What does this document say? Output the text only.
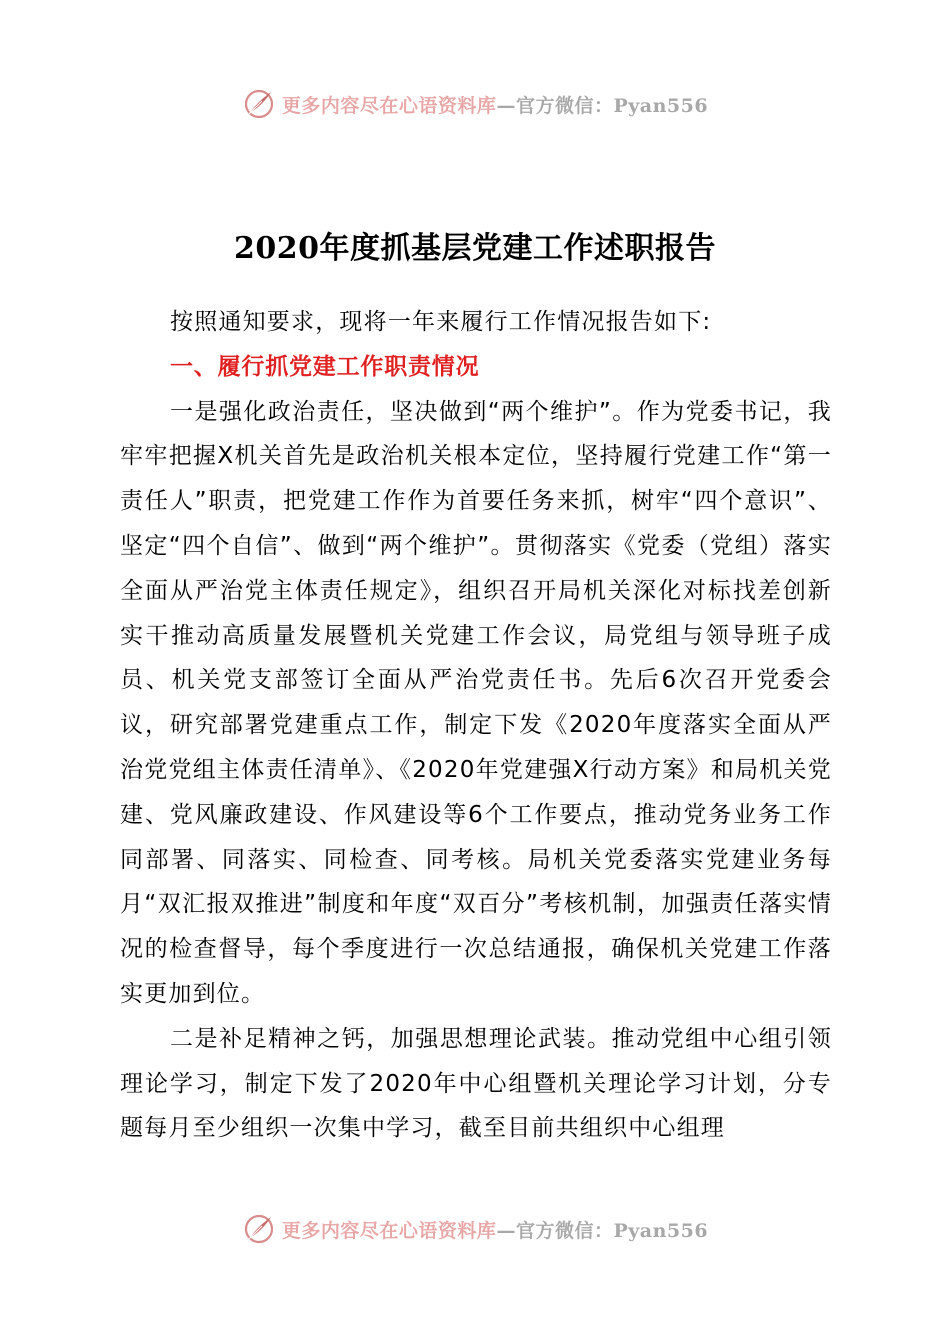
更多内容尽在心语资料库—官方微信：Pyan556
2020年度抓基层党建工作述职报告

按照通知要求，现将一年来履行工作情况报告如下:

一、履行抓党建工作职责情况

一是强化政治责任，坚决做到“两个维护”。作为党委书记，我牢牢把握X机关首先是政治机关根本定位，坚持履行党建工作“第一责任人”职责，把党建工作作为首要任务来抓，树牢“四个意识”、坚定“四个自信”、做到“两个维护”。贯彻落实《党委（党组）落实全面从严治党主体责任规定》，组织召开局机关深化对标找差创新实干推动高质量发展暨机关党建工作会议，局党组与领导班子成员、机关党支部签订全面从严治党责任书。先后6次召开党委会议，研究部署党建重点工作，制定下发《2020年度落实全面从严治党党组主体责任清单》、《2020年党建强X行动方案》和局机关党建、党风廉政建设、作风建设等6个工作要点，推动党务业务工作同部署、同落实、同检查、同考核。局机关党委落实党建业务每月“双汇报双推进”制度和年度“双百分”考核机制，加强责任落实情况的检查督导，每个季度进行一次总结通报，确保机关党建工作落实更加到位。

二是补足精神之钙，加强思想理论武装。推动党组中心组引领理论学习，制定下发了2020年中心组暨机关理论学习计划，分专题每月至少组织一次集中学习，截至目前共组织中心组理

更多内容尽在心语资料库—官方微信：Pyan556
